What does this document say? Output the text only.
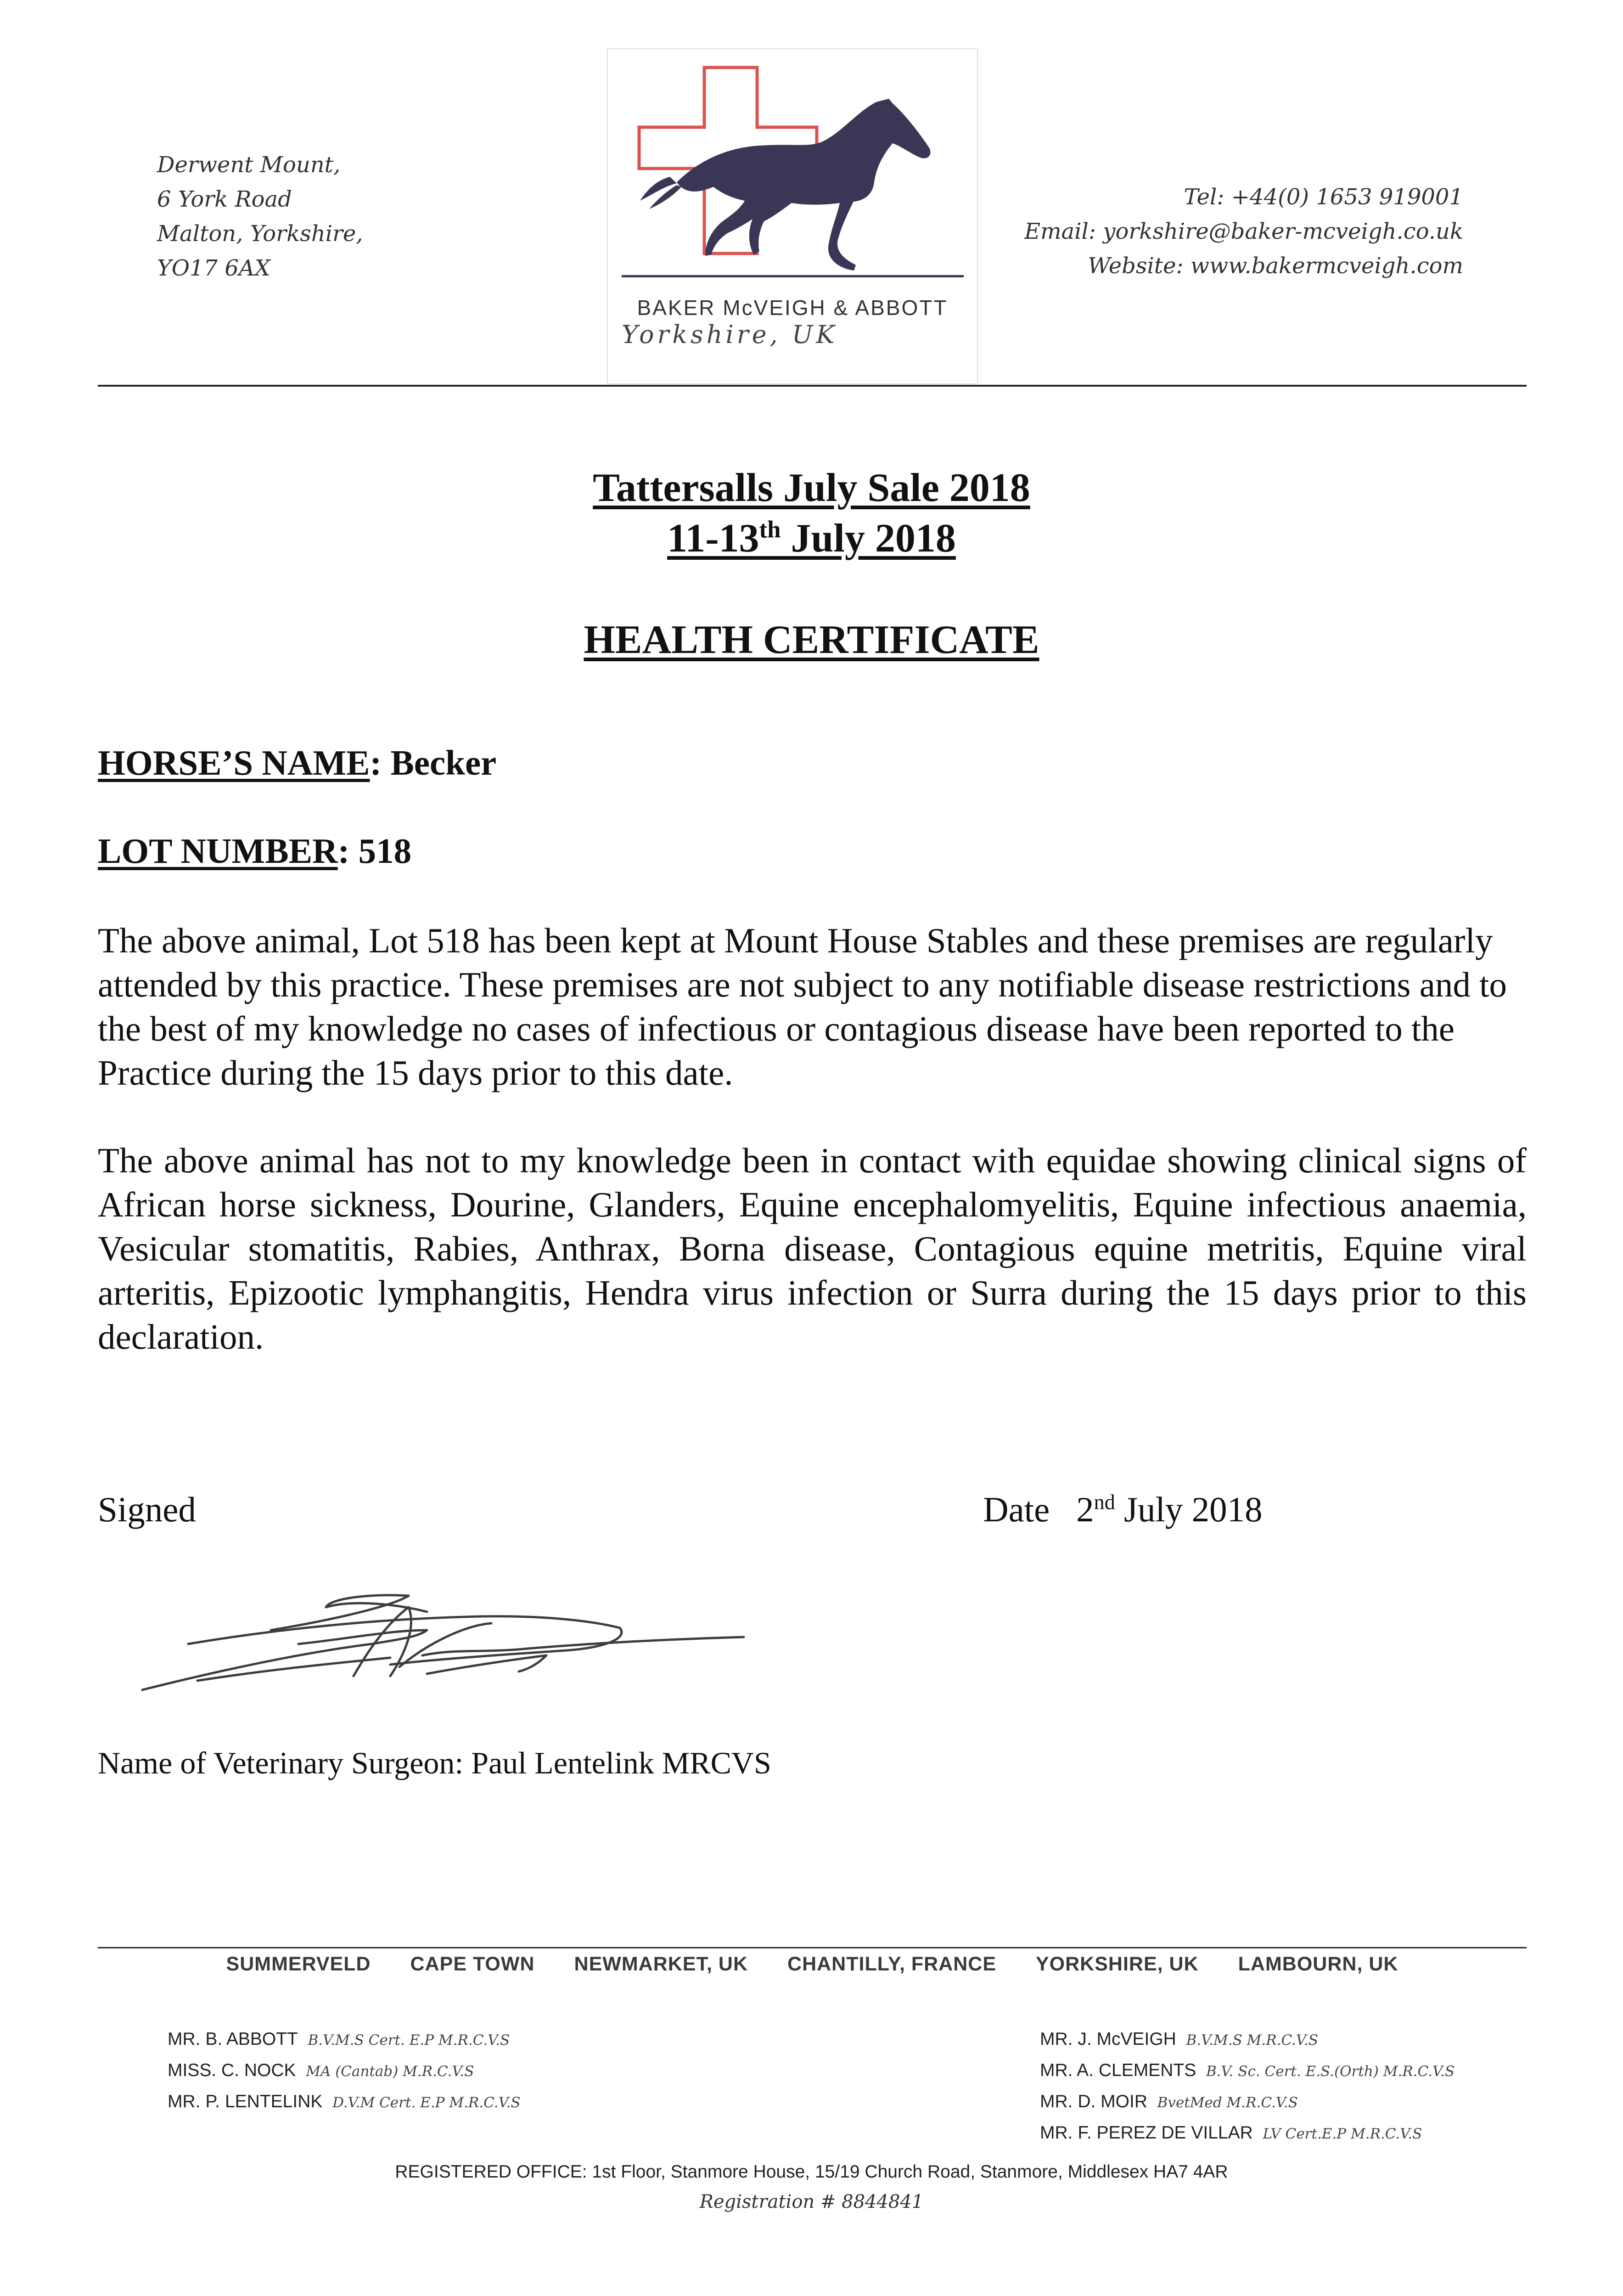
Derwent Mount,
6 York Road
Malton, Yorkshire,
YO17 6AX
BAKER McVEIGH & ABBOTT
Yorkshire, UK
Tel: +44(0) 1653 919001
Email: yorkshire@baker-mcveigh.co.uk
Website: www.bakermcveigh.com
Tattersalls July Sale 2018
11-13th July 2018
HEALTH CERTIFICATE
HORSE’S NAME: Becker
LOT NUMBER: 518

The above animal, Lot 518 has been kept at Mount House Stables and these premises are regularly attended by this practice. These premises are not subject to any notifiable disease restrictions and to the best of my knowledge no cases of infectious or contagious disease have been reported to the Practice during the 15 days prior to this date.

The above animal has not to my knowledge been in contact with equidae showing clinical signs of African horse sickness, Dourine, Glanders, Equine encephalomyelitis, Equine infectious anaemia, Vesicular stomatitis, Rabies, Anthrax, Borna disease, Contagious equine metritis, Equine viral arteritis, Epizootic lymphangitis, Hendra virus infection or Surra during the 15 days prior to this declaration.

Signed	Date 2nd July 2018
Name of Veterinary Surgeon: Paul Lentelink MRCVS
SUMMERVELD CAPE TOWN NEWMARKET, UK CHANTILLY, FRANCE YORKSHIRE, UK LAMBOURN, UK
MR. B. ABBOTT B.V.M.S Cert. E.P M.R.C.V.S
MISS. C. NOCK MA (Cantab) M.R.C.V.S
MR. P. LENTELINK D.V.M Cert. E.P M.R.C.V.S
MR. J. McVEIGH B.V.M.S M.R.C.V.S
MR. A. CLEMENTS B.V. Sc. Cert. E.S.(Orth) M.R.C.V.S
MR. D. MOIR BvetMed M.R.C.V.S
MR. F. PEREZ DE VILLAR LV Cert.E.P M.R.C.V.S
REGISTERED OFFICE: 1st Floor, Stanmore House, 15/19 Church Road, Stanmore, Middlesex HA7 4AR
Registration # 8844841
